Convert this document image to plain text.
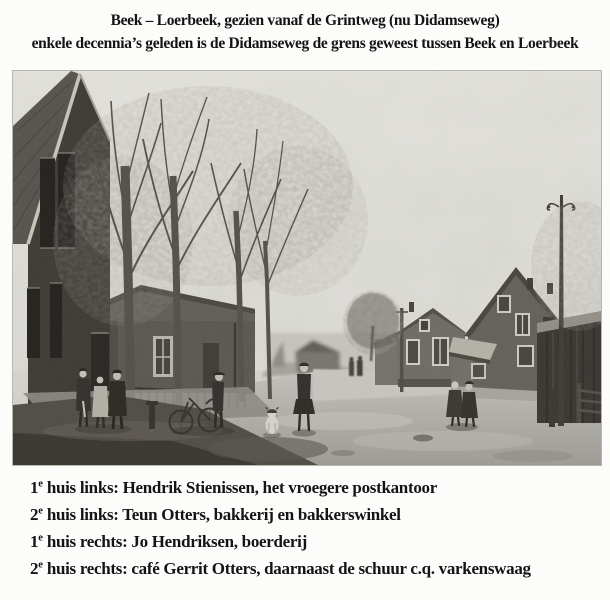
Beek – Loerbeek, gezien vanaf de Grintweg (nu Didamseweg)
enkele decennia’s geleden is de Didamseweg de grens geweest tussen Beek en Loerbeek
1e huis links: Hendrik Stienissen, het vroegere postkantoor
2e huis links: Teun Otters, bakkerij en bakkerswinkel
1e huis rechts: Jo Hendriksen, boerderij
2e huis rechts: café Gerrit Otters, daarnaast de schuur c.q. varkenswaag
